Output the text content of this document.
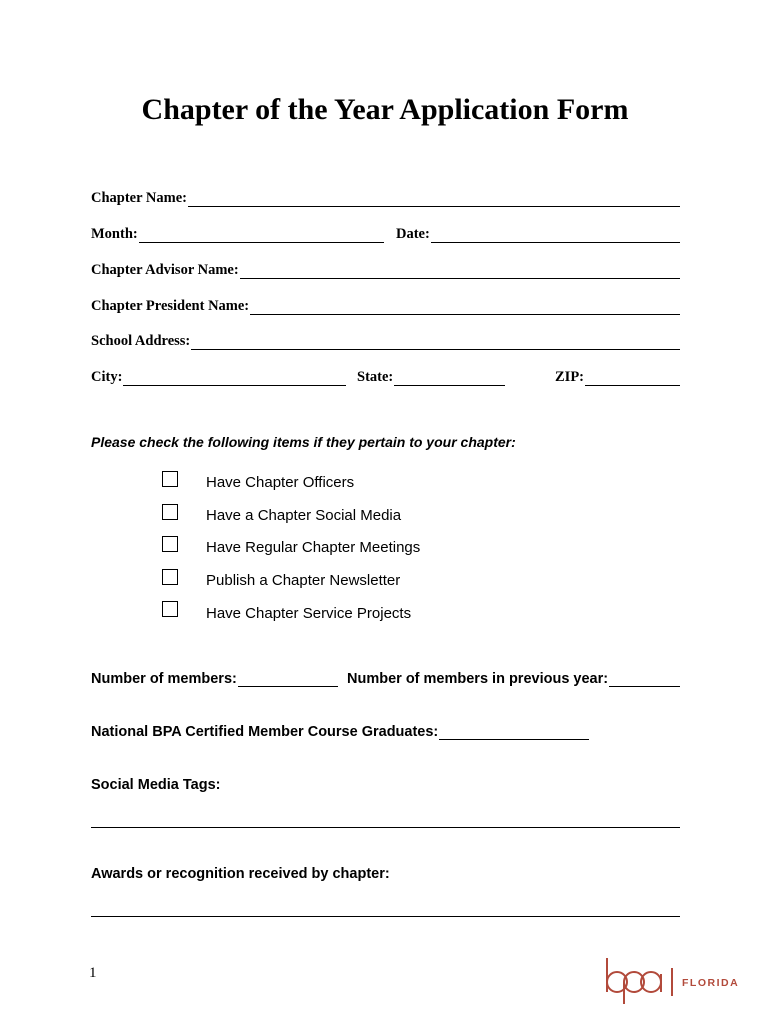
Chapter of the Year Application Form
Chapter Name:
Month:	Date:
Chapter Advisor Name:
Chapter President Name:
School Address:
City:	State:	ZIP:
Please check the following items if they pertain to your chapter:
Have Chapter Officers
Have a Chapter Social Media
Have Regular Chapter Meetings
Publish a Chapter Newsletter
Have Chapter Service Projects
Number of members:	Number of members in previous year:
National BPA Certified Member Course Graduates:
Social Media Tags:
Awards or recognition received by chapter:
1
FLORIDA
